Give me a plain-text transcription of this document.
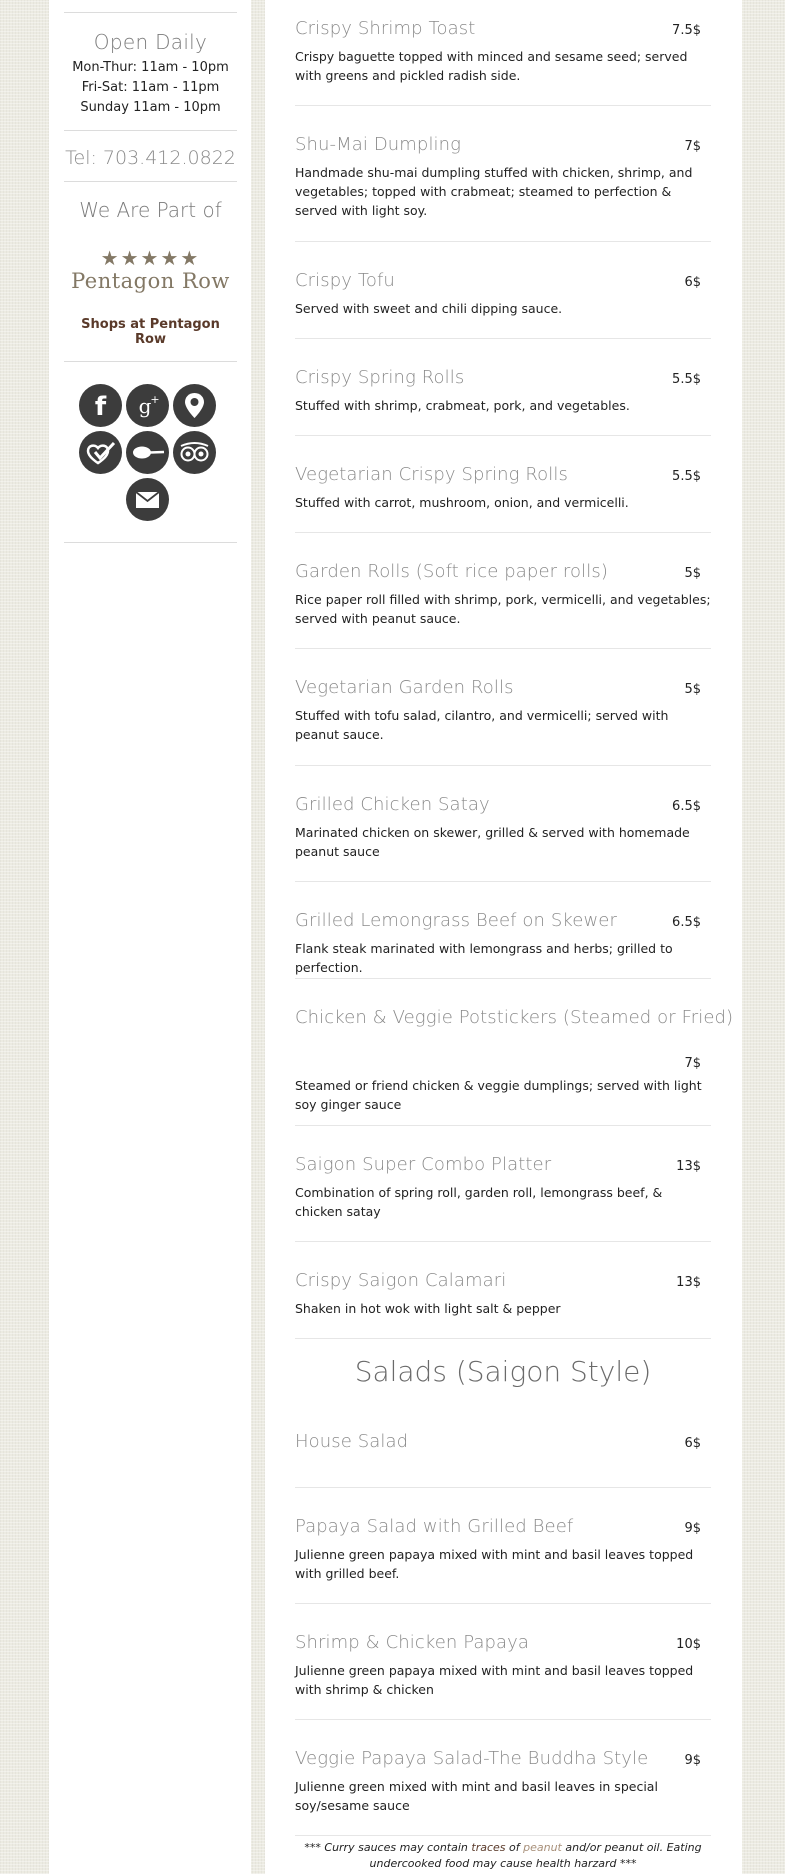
Open Daily
Mon-Thur: 11am - 10pm
Fri-Sat: 11am - 11pm
Sunday 11am - 10pm
Tel: 703.412.0822
We Are Part of
★★★★★
Pentagon Row
Shops at Pentagon Row
f g
+
Crispy Shrimp Toast	7.5$
Crispy baguette topped with minced and sesame seed; served with greens and pickled radish side.
Shu-Mai Dumpling	7$
Handmade shu-mai dumpling stuffed with chicken, shrimp, and vegetables; topped with crabmeat; steamed to perfection & served with light soy.
Crispy Tofu	6$
Served with sweet and chili dipping sauce.
Crispy Spring Rolls	5.5$
Stuffed with shrimp, crabmeat, pork, and vegetables.
Vegetarian Crispy Spring Rolls	5.5$
Stuffed with carrot, mushroom, onion, and vermicelli.
Garden Rolls (Soft rice paper rolls)	5$
Rice paper roll filled with shrimp, pork, vermicelli, and vegetables; served with peanut sauce.
Vegetarian Garden Rolls	5$
Stuffed with tofu salad, cilantro, and vermicelli; served with peanut sauce.
Grilled Chicken Satay	6.5$
Marinated chicken on skewer, grilled & served with homemade peanut sauce
Grilled Lemongrass Beef on Skewer	6.5$
Flank steak marinated with lemongrass and herbs; grilled to perfection.
Chicken & Veggie Potstickers (Steamed or Fried)
7$
Steamed or friend chicken & veggie dumplings; served with light soy ginger sauce
Saigon Super Combo Platter	13$
Combination of spring roll, garden roll, lemongrass beef, & chicken satay
Crispy Saigon Calamari	13$
Shaken in hot wok with light salt & pepper
Salads (Saigon Style)
House Salad	6$
Papaya Salad with Grilled Beef	9$
Julienne green papaya mixed with mint and basil leaves topped with grilled beef.
Shrimp & Chicken Papaya	10$
Julienne green papaya mixed with mint and basil leaves topped with shrimp & chicken
Veggie Papaya Salad-The Buddha Style	9$
Julienne green mixed with mint and basil leaves in special soy/sesame sauce
*** Curry sauces may contain traces of peanut and/or peanut oil. Eating undercooked food may cause health harzard ***
